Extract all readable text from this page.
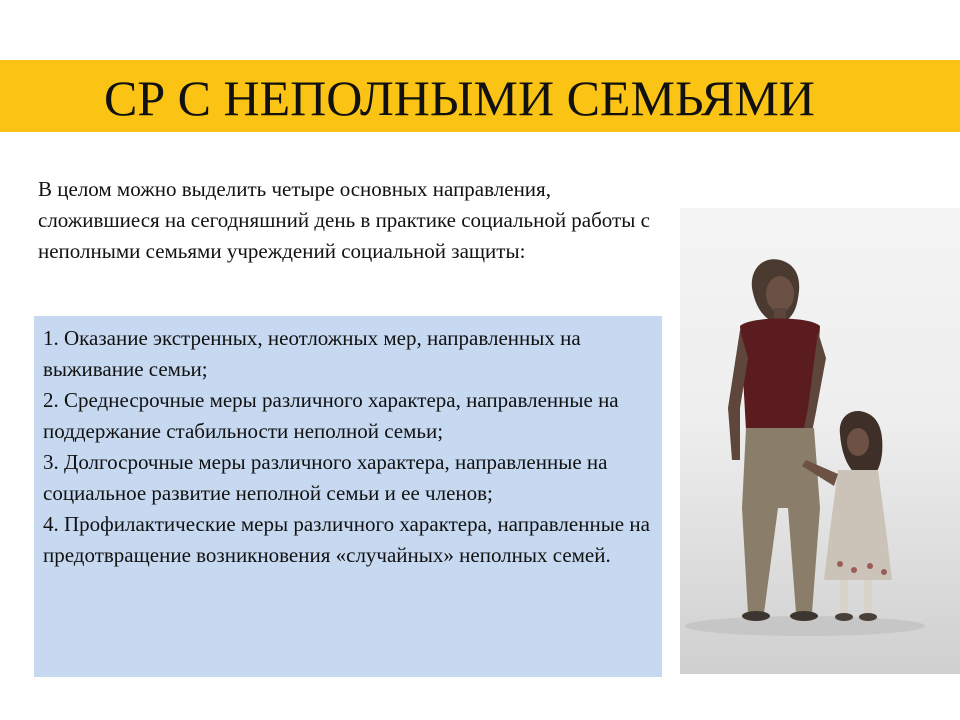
СР С НЕПОЛНЫМИ СЕМЬЯМИ

В целом можно выделить четыре основных направления, сложившиеся на сегодняшний день в практике социальной работы с неполными семьями учреждений социальной защиты:

1. Оказание экстренных, неотложных мер, направленных на выживание семьи;

2. Среднесрочные меры различного характера, направленные на поддержание стабильности неполной семьи;

3. Долгосрочные меры различного характера, направленные на социальное развитие неполной семьи и ее членов;

4. Профилактические меры различного характера, направленные на предотвращение возникновения «случайных» неполных семей.
